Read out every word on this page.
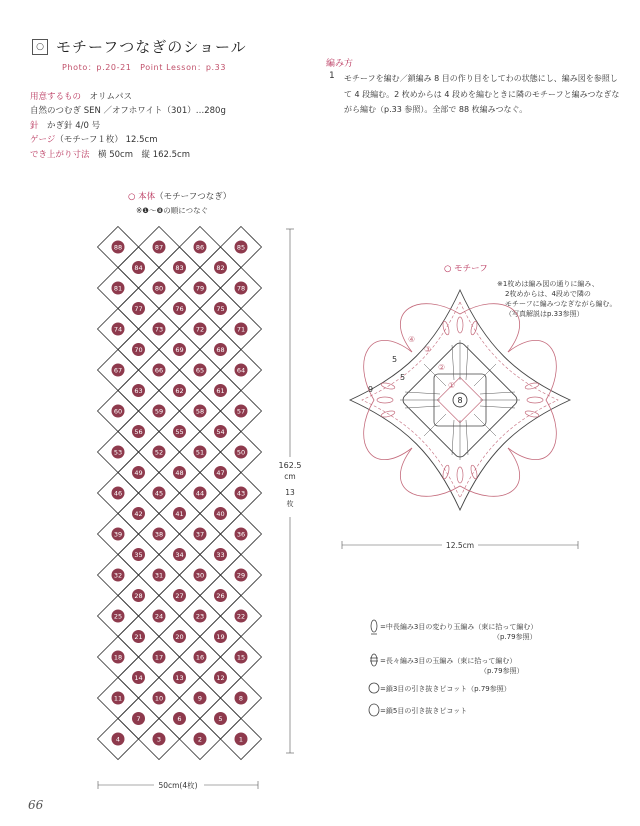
○ モチーフつなぎのショール
Photo：p.20-21　Point Lesson：p.33
用意するもの　 オリムパス
自然のつむぎ SEN ／オフホワイト（301）…280g
針　 かぎ針 4/0 号
ゲージ（モチーフ１枚） 12.5cm
でき上がり寸法　 横 50cm　縦 162.5cm
編み方
1 モチーフを編む／鎖編み 8 目の作り目をしてわの状態にし、編み図を参照して 4 段編む。2 枚めからは 4 段めを編むときに隣のモチーフと編みつなぎながら編む（p.33 参照）。全部で 88 枚編みつなぐ。
○ 本体（モチーフつなぎ）
※❶〜❽の順につなぐ
88	87	86	85
84	83	82
81	80	79	78
77	76	75
74	73	72	71
70	69	68
67	66	65	64
63	62	61
60	59	58	57
56	55	54
53	52	51	50
49	48	47
46	45	44	43
42	41	40
39	38	37	36
35	34	33
32	31	30	29
28	27	26
25	24	23	22
21	20	19
18	17	16	15
14	13	12
11	10	9	8
7	6	5
4	3	2	1
162.5
cm
13
枚
50cm(4枚)
○ モチーフ
※1枚めは編み図の通りに編み、
2枚めからは、4段めで隣の
モチーフに編みつなぎながら編む。
（写真解説はp.33参照）
8
①
②
③
④
5
5
9
12.5cm
=中長編み3目の変わり玉編み（束に拾って編む）
（p.79参照）
=長々編み3目の玉編み（束に拾って編む）
（p.79参照）
=鎖3目の引き抜きピコット（p.79参照）
=鎖5目の引き抜きピコット
66
